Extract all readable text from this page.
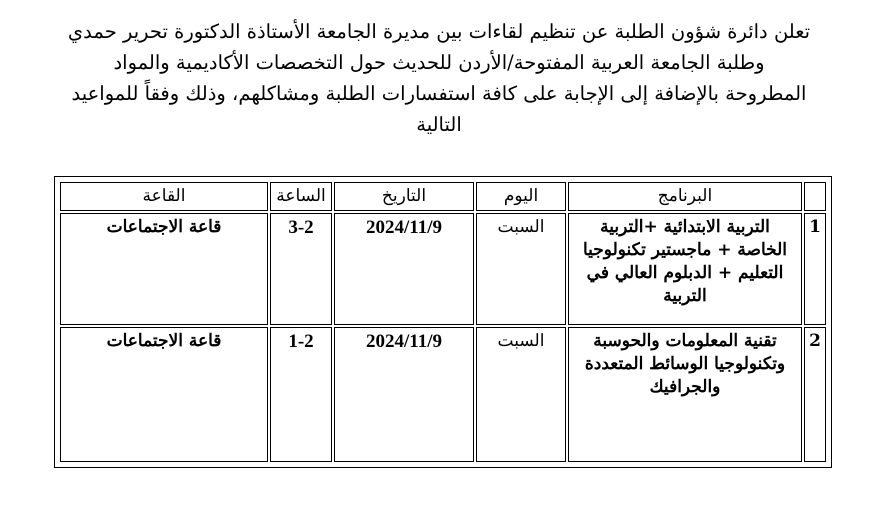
تعلن دائرة شؤون الطلبة عن تنظيم لقاءات بين مديرة الجامعة الأستاذة الدكتورة تحرير حمدي
وطلبة الجامعة العربية المفتوحة/الأردن للحديث حول التخصصات الأكاديمية والمواد
المطروحة بالإضافة إلى الإجابة على كافة استفسارات الطلبة ومشاكلهم، وذلك وفقاً للمواعيد
التالية
	البرنامج	اليوم	التاريخ	الساعة	القاعة
1	التربية الابتدائية +التربية الخاصة + ماجستير تكنولوجيا التعليم + الدبلوم العالي في التربية	السبت	2024/11/9	3-2	قاعة الاجتماعات
2	تقنية المعلومات والحوسبة وتكنولوجيا الوسائط المتعددة والجرافيك	السبت	2024/11/9	1-2	قاعة الاجتماعات
